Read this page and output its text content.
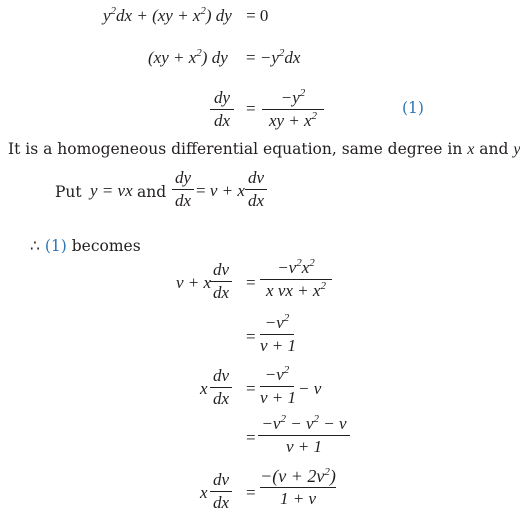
$y^2dx + (xy + x^2)$ dy = 0
$(xy + x^2)$ dy = $-y^2dx$
dy
dx
=
$-y^2$
xy + $x^2$	(1)
It is a homogeneous differential equation, same degree in x and y
Put y = vx and
dy
dx
= v + x
dv
dx
∴ (1) becomes
v + x
dv
dx
=
$-v^2x^2$
x vx + $x^2$
=
$-v^2$
v + 1
x
dv
dx
=
$-v^2$
v + 1 − v
=
$-v^2 - v^2 - v$
v + 1
x
dv
dx
=
$-(v + 2v^2)$
1 + v
